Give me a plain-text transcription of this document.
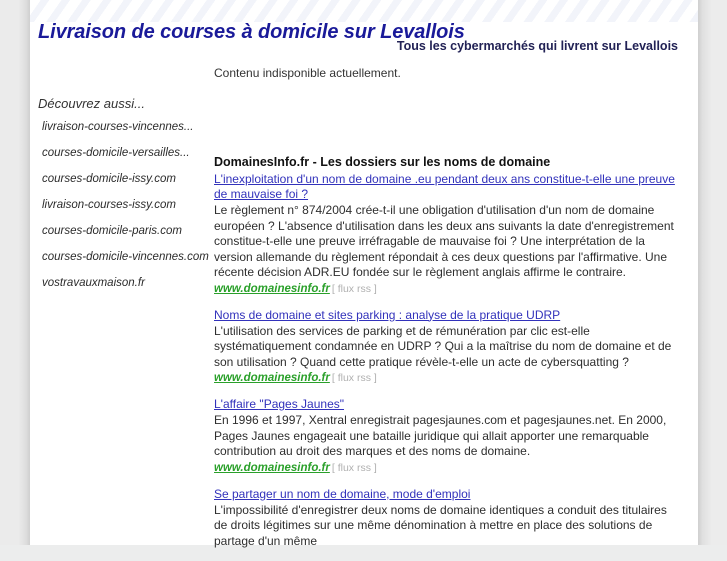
Livraison de courses à domicile sur Levallois
Tous les cybermarchés qui livrent sur Levallois
Contenu indisponible actuellement.
Découvrez aussi...
livraison-courses-vincennes...
courses-domicile-versailles...
courses-domicile-issy.com
livraison-courses-issy.com
courses-domicile-paris.com
courses-domicile-vincennes.com
vostravauxmaison.fr
DomainesInfo.fr - Les dossiers sur les noms de domaine
L'inexploitation d'un nom de domaine .eu pendant deux ans constitue-t-elle une preuve de mauvaise foi ?

Le règlement n° 874/2004 crée-t-il une obligation d'utilisation d'un nom de domaine européen ? L'absence d'utilisation dans les deux ans suivants la date d'enregistrement constitue-t-elle une preuve irréfragable de mauvaise foi ? Une interprétation de la version allemande du règlement répondait à ces deux questions par l'affirmative. Une récente décision ADR.EU fondée sur le règlement anglais affirme le contraire.

www.domainesinfo.fr [ flux rss ]
Noms de domaine et sites parking : analyse de la pratique UDRP

L'utilisation des services de parking et de rémunération par clic est-elle systématiquement condamnée en UDRP ? Qui a la maîtrise du nom de domaine et de son utilisation ? Quand cette pratique révèle-t-elle un acte de cybersquatting ?

www.domainesinfo.fr [ flux rss ]
L'affaire "Pages Jaunes"

En 1996 et 1997, Xentral enregistrait pagesjaunes.com et pagesjaunes.net. En 2000, Pages Jaunes engageait une bataille juridique qui allait apporter une remarquable contribution au droit des marques et des noms de domaine.

www.domainesinfo.fr [ flux rss ]
Se partager un nom de domaine, mode d'emploi

L'impossibilité d'enregistrer deux noms de domaine identiques a conduit des titulaires de droits légitimes sur une même dénomination à mettre en place des solutions de partage d'un même
